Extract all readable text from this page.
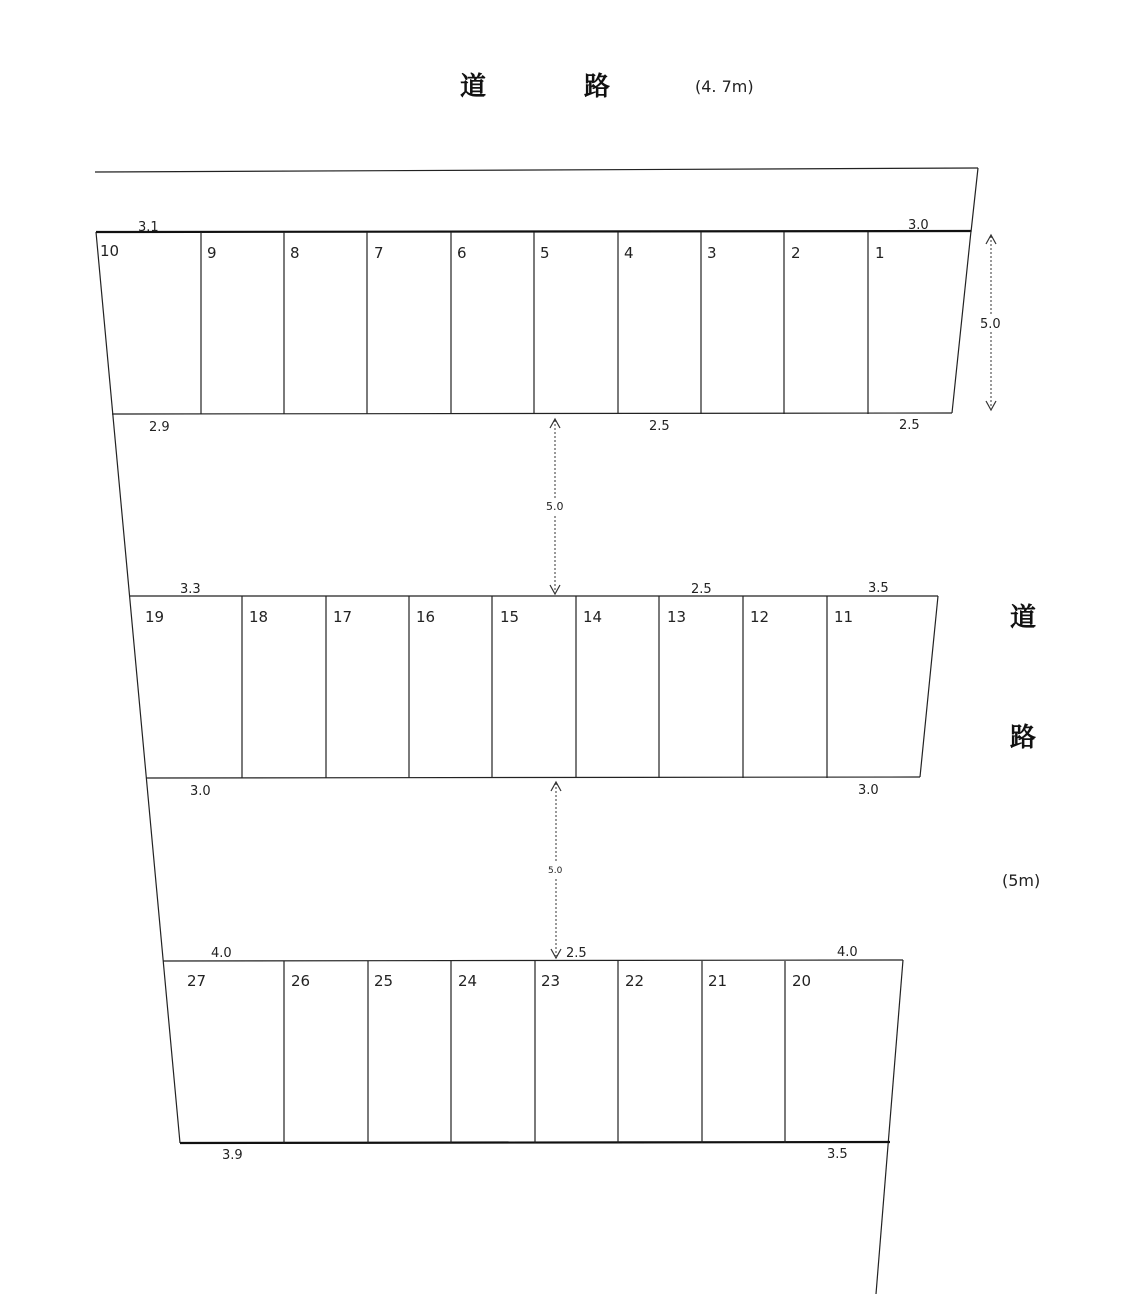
道	路	(4. 7m)
道
路
(5m)
10	9	8	7	6	5	4	3	2	1
3.1	3.0
2.9	2.5	2.5
5.0
5.0
19	18	17	16	15	14	13	12	11
3.3	2.5	3.5
3.0	3.0
5.0
27	26	25	24	23	22	21	20
4.0	2.5	4.0
3.9	3.5
